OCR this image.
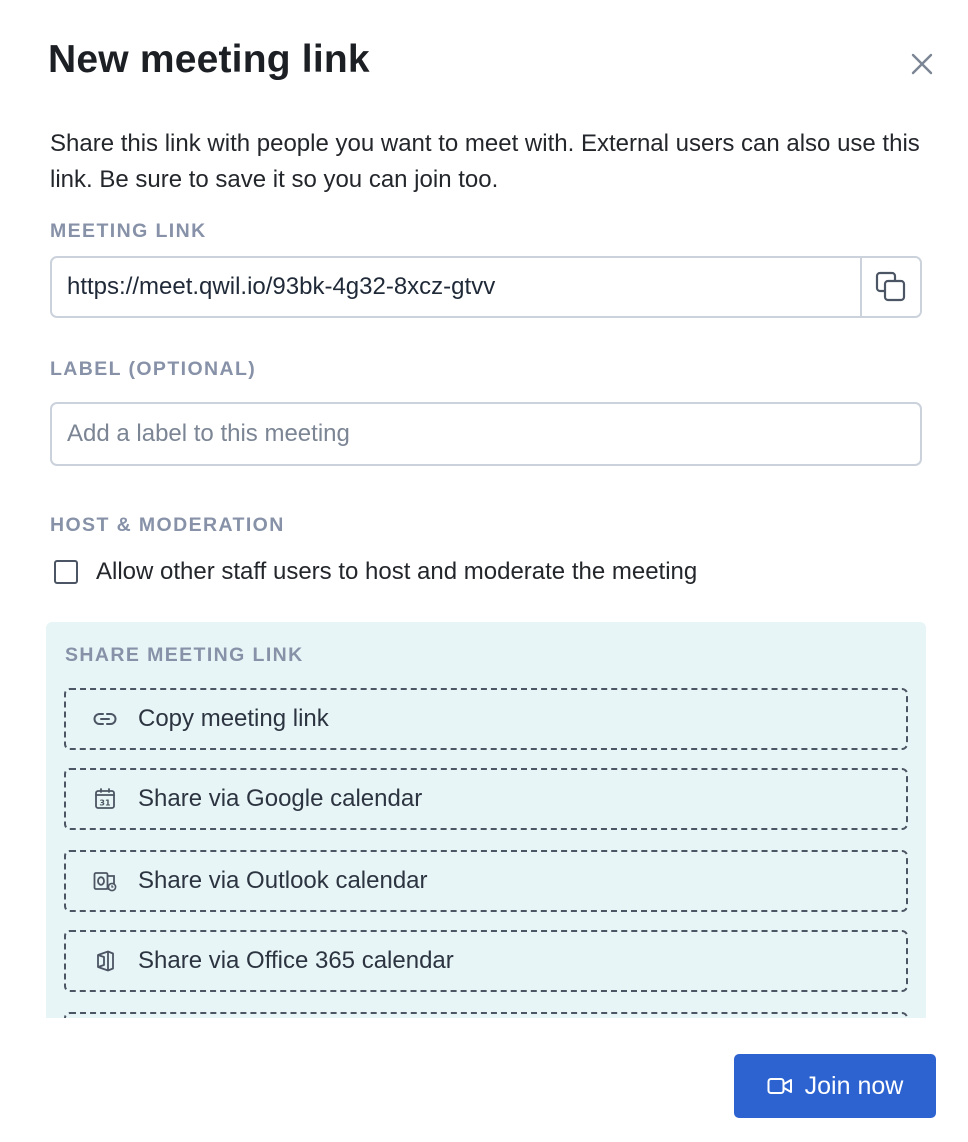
New meeting link

Share this link with people you want to meet with. External users can also use this link. Be sure to save it so you can join too.

MEETING LINK
https://meet.qwil.io/93bk-4g32-8xcz-gtvv
LABEL (OPTIONAL)
Add a label to this meeting
HOST & MODERATION
Allow other staff users to host and moderate the meeting
SHARE MEETING LINK
Copy meeting link
31 Share via Google calendar
Share via Outlook calendar
Share via Office 365 calendar
Join now
